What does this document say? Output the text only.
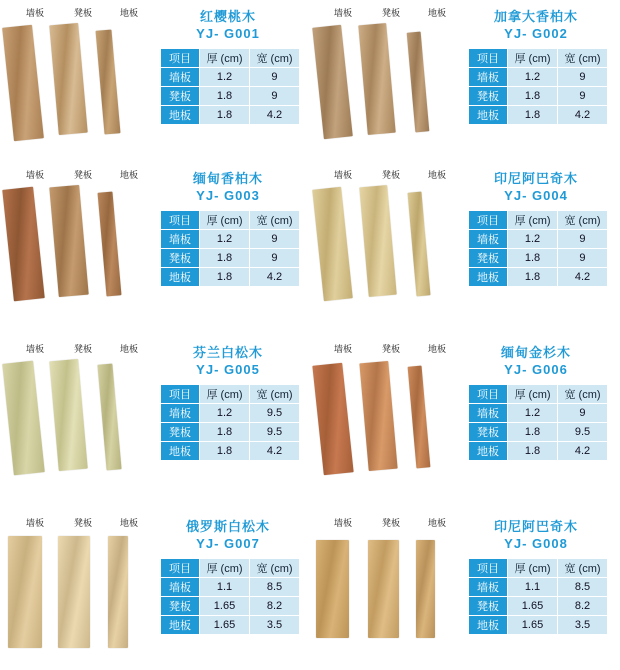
墙板	凳板	地板	红樱桃木
YJ- G001
项目	厚 (cm)	宽 (cm)
墙板	1.2	9
凳板	1.8	9
地板	1.8	4.2
墙板	凳板	地板	加拿大香柏木
YJ- G002
项目	厚 (cm)	宽 (cm)
墙板	1.2	9
凳板	1.8	9
地板	1.8	4.2
墙板	凳板	地板	缅甸香柏木
YJ- G003
项目	厚 (cm)	宽 (cm)
墙板	1.2	9
凳板	1.8	9
地板	1.8	4.2
墙板	凳板	地板	印尼阿巴奇木
YJ- G004
项目	厚 (cm)	宽 (cm)
墙板	1.2	9
凳板	1.8	9
地板	1.8	4.2
墙板	凳板	地板	芬兰白松木
YJ- G005
项目	厚 (cm)	宽 (cm)
墙板	1.2	9.5
凳板	1.8	9.5
地板	1.8	4.2
墙板	凳板	地板	缅甸金杉木
YJ- G006
项目	厚 (cm)	宽 (cm)
墙板	1.2	9
凳板	1.8	9.5
地板	1.8	4.2
墙板	凳板	地板	俄罗斯白松木
YJ- G007
项目	厚 (cm)	宽 (cm)
墙板	1.1	8.5
凳板	1.65	8.2
地板	1.65	3.5
墙板	凳板	地板	印尼阿巴奇木
YJ- G008
项目	厚 (cm)	宽 (cm)
墙板	1.1	8.5
凳板	1.65	8.2
地板	1.65	3.5
